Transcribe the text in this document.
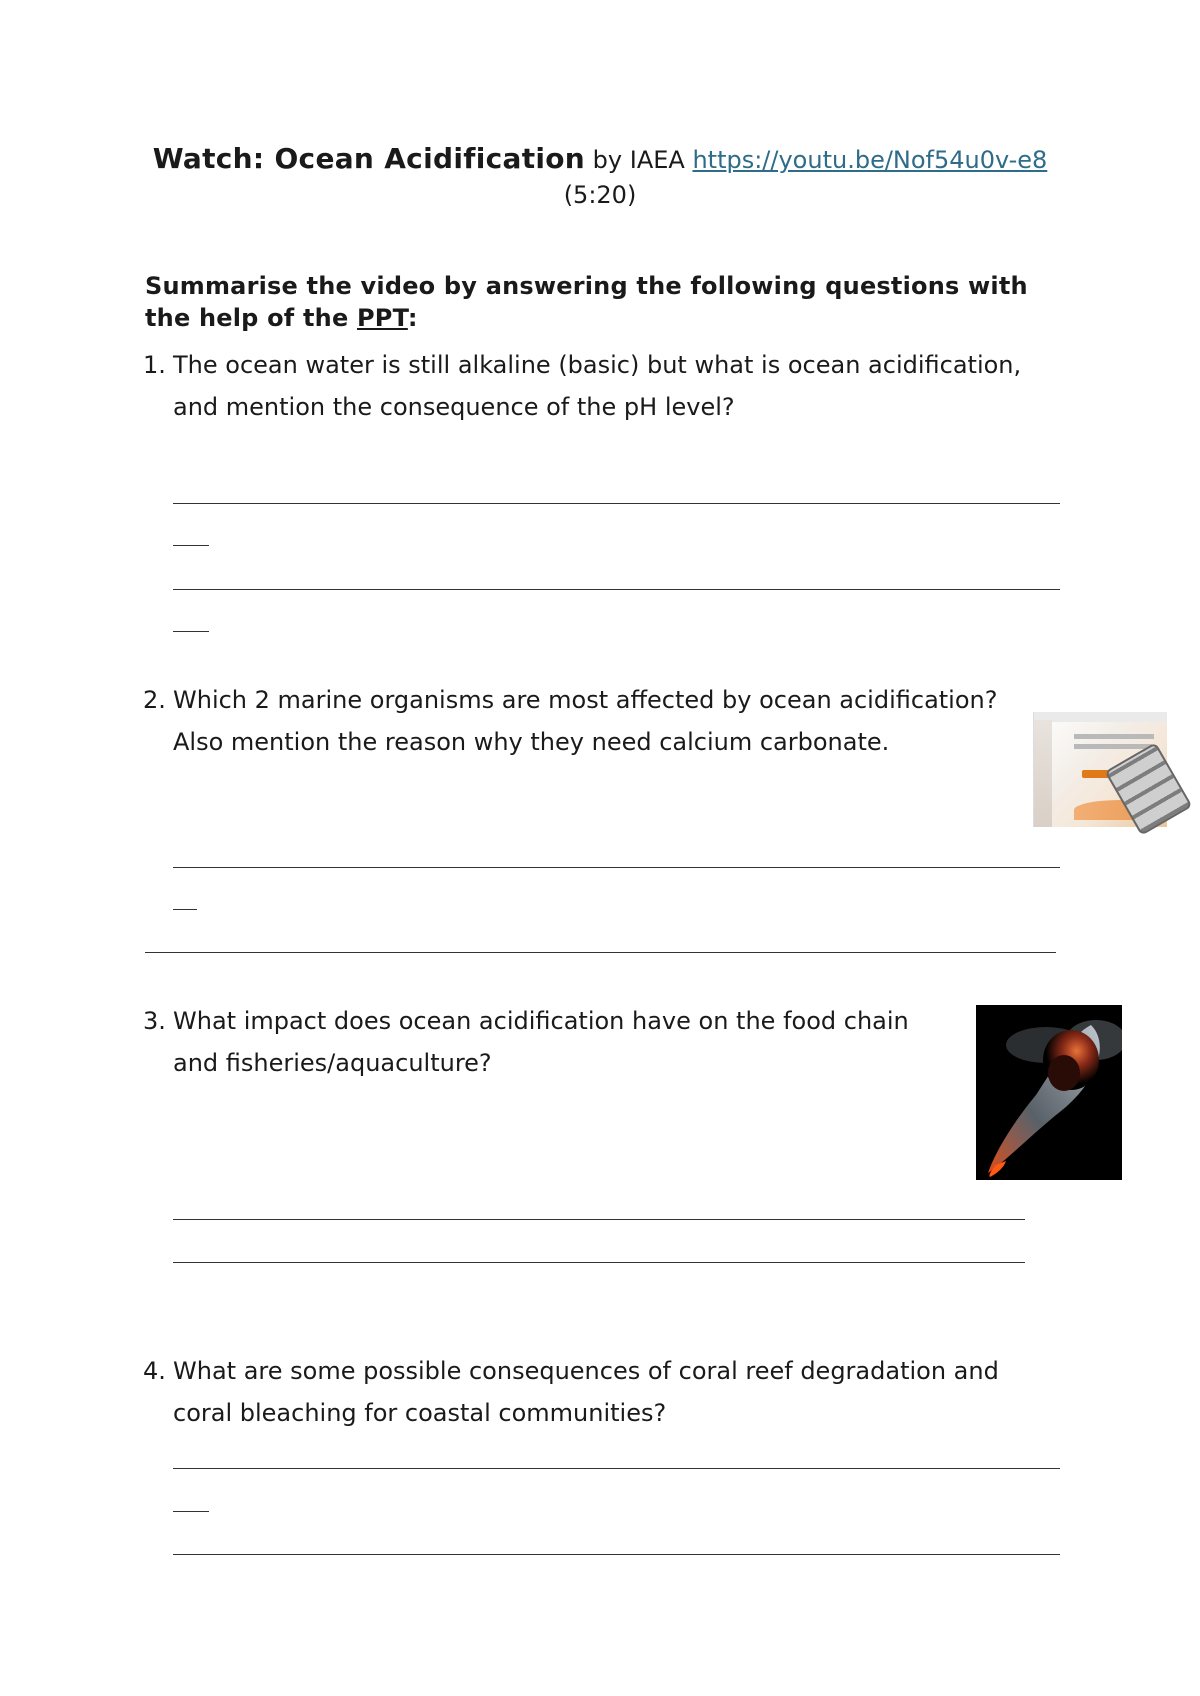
Watch: Ocean Acidification by IAEA https://youtu.be/Nof54u0v-e8
(5:20)
Summarise the video by answering the following questions with the help of the PPT:
1. The ocean water is still alkaline (basic) but what is ocean acidification,
and mention the consequence of the pH level?
2. Which 2 marine organisms are most affected by ocean acidification?
Also mention the reason why they need calcium carbonate.
3. What impact does ocean acidification have on the food chain
and fisheries/aquaculture?
4. What are some possible consequences of coral reef degradation and
coral bleaching for coastal communities?
